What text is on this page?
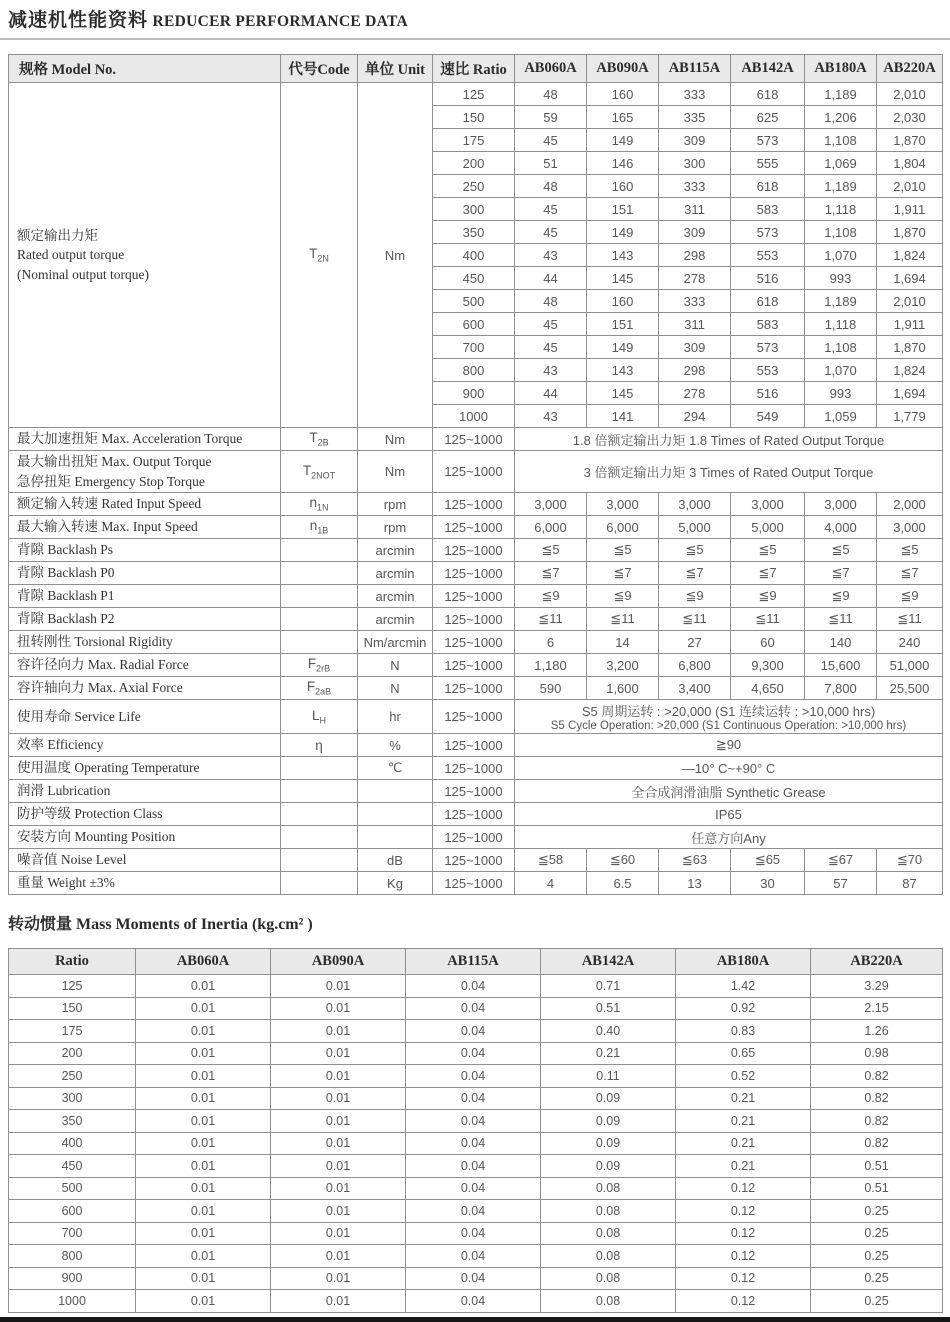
减速机性能资料 REDUCER PERFORMANCE DATA
规格 Model No.	代号Code	单位 Unit	速比 Ratio	AB060A	AB090A	AB115A	AB142A	AB180A	AB220A

额定输出力矩
Rated output torque
(Nominal output torque)	$T_{2N}$	Nm	125	48	160	333	618	1,189	2,010
			150	59	165	335	625	1,206	2,030
			175	45	149	309	573	1,108	1,870
			200	51	146	300	555	1,069	1,804
			250	48	160	333	618	1,189	2,010
			300	45	151	311	583	1,118	1,911
			350	45	149	309	573	1,108	1,870
			400	43	143	298	553	1,070	1,824
			450	44	145	278	516	993	1,694
			500	48	160	333	618	1,189	2,010
			600	45	151	311	583	1,118	1,911
			700	45	149	309	573	1,108	1,870
			800	43	143	298	553	1,070	1,824
			900	44	145	278	516	993	1,694
			1000	43	141	294	549	1,059	1,779

最大加速扭矩 Max. Acceleration Torque	$T_{2B}$	Nm	125~1000	1.8 倍额定输出力矩 1.8 Times of Rated Output Torque					

最大输出扭矩 Max. Output Torque
急停扭矩 Emergency Stop Torque	$T_{2NOT}$	Nm	125~1000	3 倍额定输出力矩 3 Times of Rated Output Torque					

额定输入转速 Rated Input Speed	$n_{1N}$	rpm	125~1000	3,000	3,000	3,000	3,000	3,000	2,000

最大输入转速 Max. Input Speed	$n_{1B}$	rpm	125~1000	6,000	6,000	5,000	5,000	4,000	3,000

背隙 Backlash Ps		arcmin	125~1000	≦5	≦5	≦5	≦5	≦5	≦5

背隙 Backlash P0		arcmin	125~1000	≦7	≦7	≦7	≦7	≦7	≦7

背隙 Backlash P1		arcmin	125~1000	≦9	≦9	≦9	≦9	≦9	≦9

背隙 Backlash P2		arcmin	125~1000	≦11	≦11	≦11	≦11	≦11	≦11

扭转刚性 Torsional Rigidity		Nm/arcmin	125~1000	6	14	27	60	140	240

容许径向力 Max. Radial Force	$F_{2rB}$	N	125~1000	1,180	3,200	6,800	9,300	15,600	51,000

容许轴向力 Max. Axial Force	$F_{2aB}$	N	125~1000	590	1,600	3,400	4,650	7,800	25,500

使用寿命 Service Life	$L_H$	hr	125~1000	S5 周期运转 : >20,000 (S1 连续运转 : >10,000 hrs)
S5 Cycle Operation: >20,000 (S1 Continuous Operation: >10,000 hrs)					

效率 Efficiency	η	%	125~1000	≧90					

使用温度 Operating Temperature		℃	125~1000	—10° C~+90° C					

润滑 Lubrication			125~1000	全合成润滑油脂 Synthetic Grease					

防护等级 Protection Class			125~1000	IP65					

安装方向 Mounting Position			125~1000	任意方向Any					

噪音值 Noise Level		dB	125~1000	≦58	≦60	≦63	≦65	≦67	≦70

重量 Weight ±3%		Kg	125~1000	4	6.5	13	30	57	87
转动惯量 Mass Moments of Inertia (kg.cm² )
Ratio	AB060A	AB090A	AB115A	AB142A	AB180A	AB220A
125	0.01	0.01	0.04	0.71	1.42	3.29
150	0.01	0.01	0.04	0.51	0.92	2.15
175	0.01	0.01	0.04	0.40	0.83	1.26
200	0.01	0.01	0.04	0.21	0.65	0.98
250	0.01	0.01	0.04	0.11	0.52	0.82
300	0.01	0.01	0.04	0.09	0.21	0.82
350	0.01	0.01	0.04	0.09	0.21	0.82
400	0.01	0.01	0.04	0.09	0.21	0.82
450	0.01	0.01	0.04	0.09	0.21	0.51
500	0.01	0.01	0.04	0.08	0.12	0.51
600	0.01	0.01	0.04	0.08	0.12	0.25
700	0.01	0.01	0.04	0.08	0.12	0.25
800	0.01	0.01	0.04	0.08	0.12	0.25
900	0.01	0.01	0.04	0.08	0.12	0.25
1000	0.01	0.01	0.04	0.08	0.12	0.25
